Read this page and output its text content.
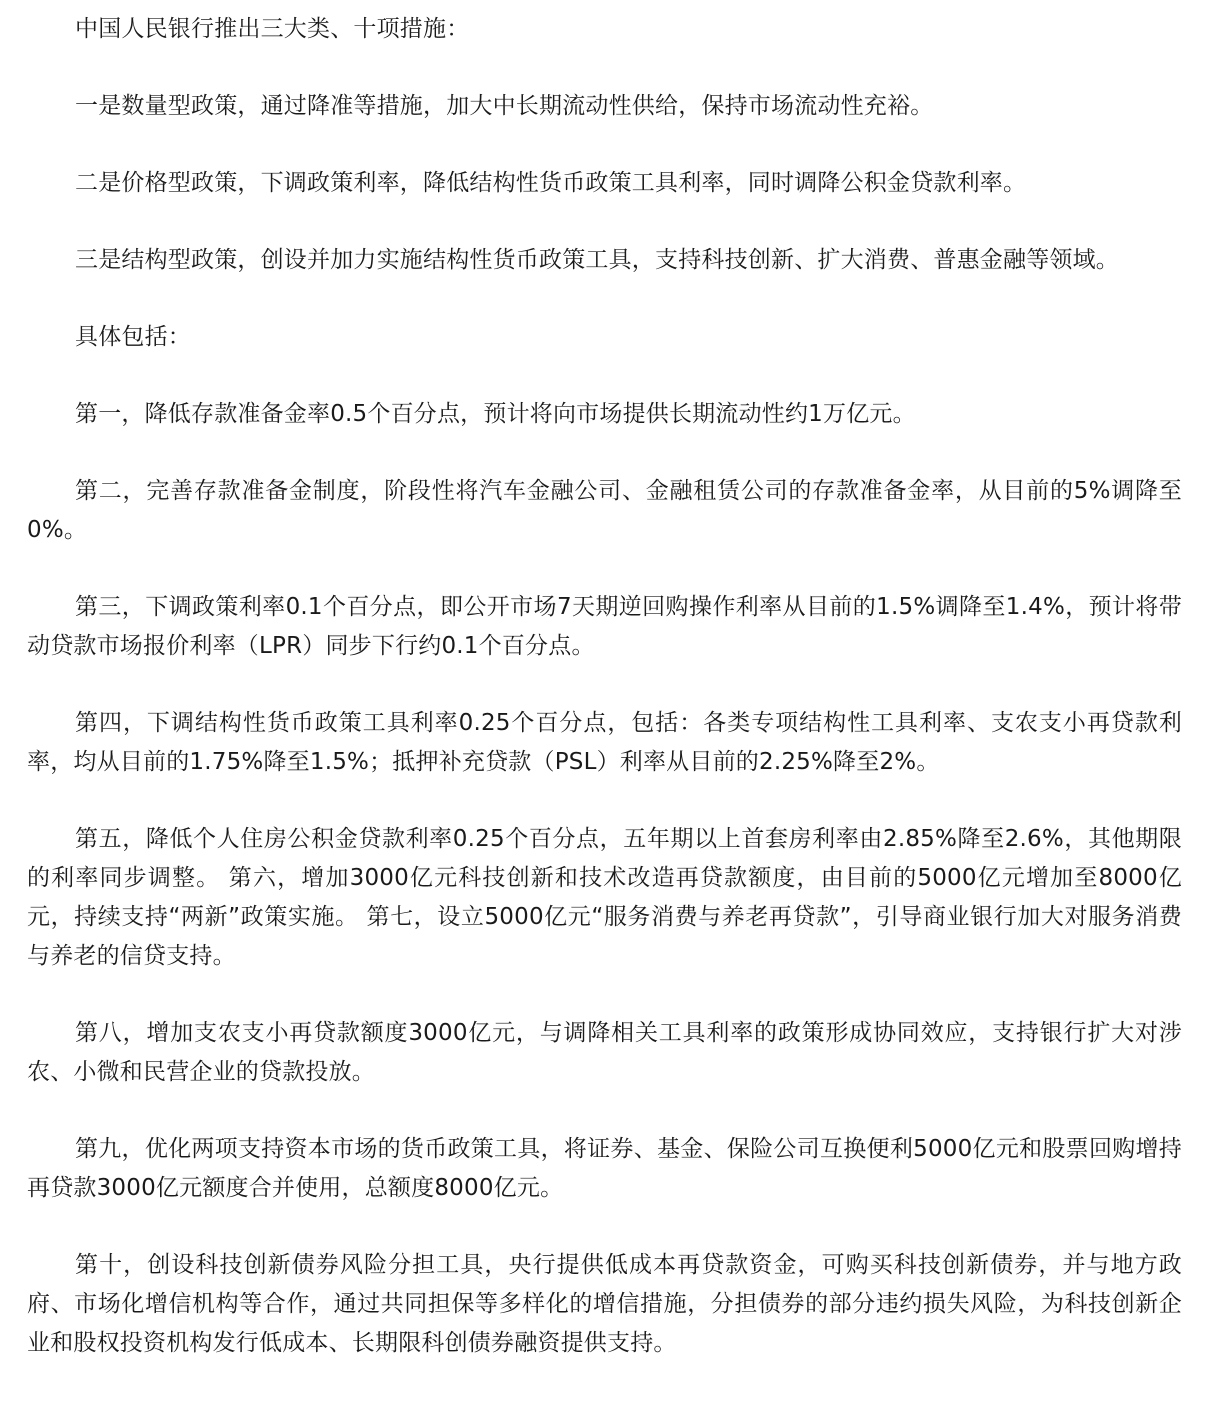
中国人民银行推出三大类、十项措施：

一是数量型政策，通过降准等措施，加大中长期流动性供给，保持市场流动性充裕。

二是价格型政策，下调政策利率，降低结构性货币政策工具利率，同时调降公积金贷款利率。

三是结构型政策，创设并加力实施结构性货币政策工具，支持科技创新、扩大消费、普惠金融等领域。

具体包括：

第一，降低存款准备金率0.5个百分点，预计将向市场提供长期流动性约1万亿元。

第二，完善存款准备金制度，阶段性将汽车金融公司、金融租赁公司的存款准备金率，从目前的5%调降至0%。

第三，下调政策利率0.1个百分点，即公开市场7天期逆回购操作利率从目前的1.5%调降至1.4%，预计将带动贷款市场报价利率（LPR）同步下行约0.1个百分点。

第四，下调结构性货币政策工具利率0.25个百分点，包括：各类专项结构性工具利率、支农支小再贷款利率，均从目前的1.75%降至1.5%；抵押补充贷款（PSL）利率从目前的2.25%降至2%。

第五，降低个人住房公积金贷款利率0.25个百分点，五年期以上首套房利率由2.85%降至2.6%，其他期限的利率同步调整。 第六，增加3000亿元科技创新和技术改造再贷款额度，由目前的5000亿元增加至8000亿元，持续支持“两新”政策实施。 第七，设立5000亿元“服务消费与养老再贷款”，引导商业银行加大对服务消费与养老的信贷支持。

第八，增加支农支小再贷款额度3000亿元，与调降相关工具利率的政策形成协同效应，支持银行扩大对涉农、小微和民营企业的贷款投放。

第九，优化两项支持资本市场的货币政策工具，将证券、基金、保险公司互换便利5000亿元和股票回购增持再贷款3000亿元额度合并使用，总额度8000亿元。

第十，创设科技创新债券风险分担工具，央行提供低成本再贷款资金，可购买科技创新债券，并与地方政府、市场化增信机构等合作，通过共同担保等多样化的增信措施，分担债券的部分违约损失风险，为科技创新企业和股权投资机构发行低成本、长期限科创债券融资提供支持。
